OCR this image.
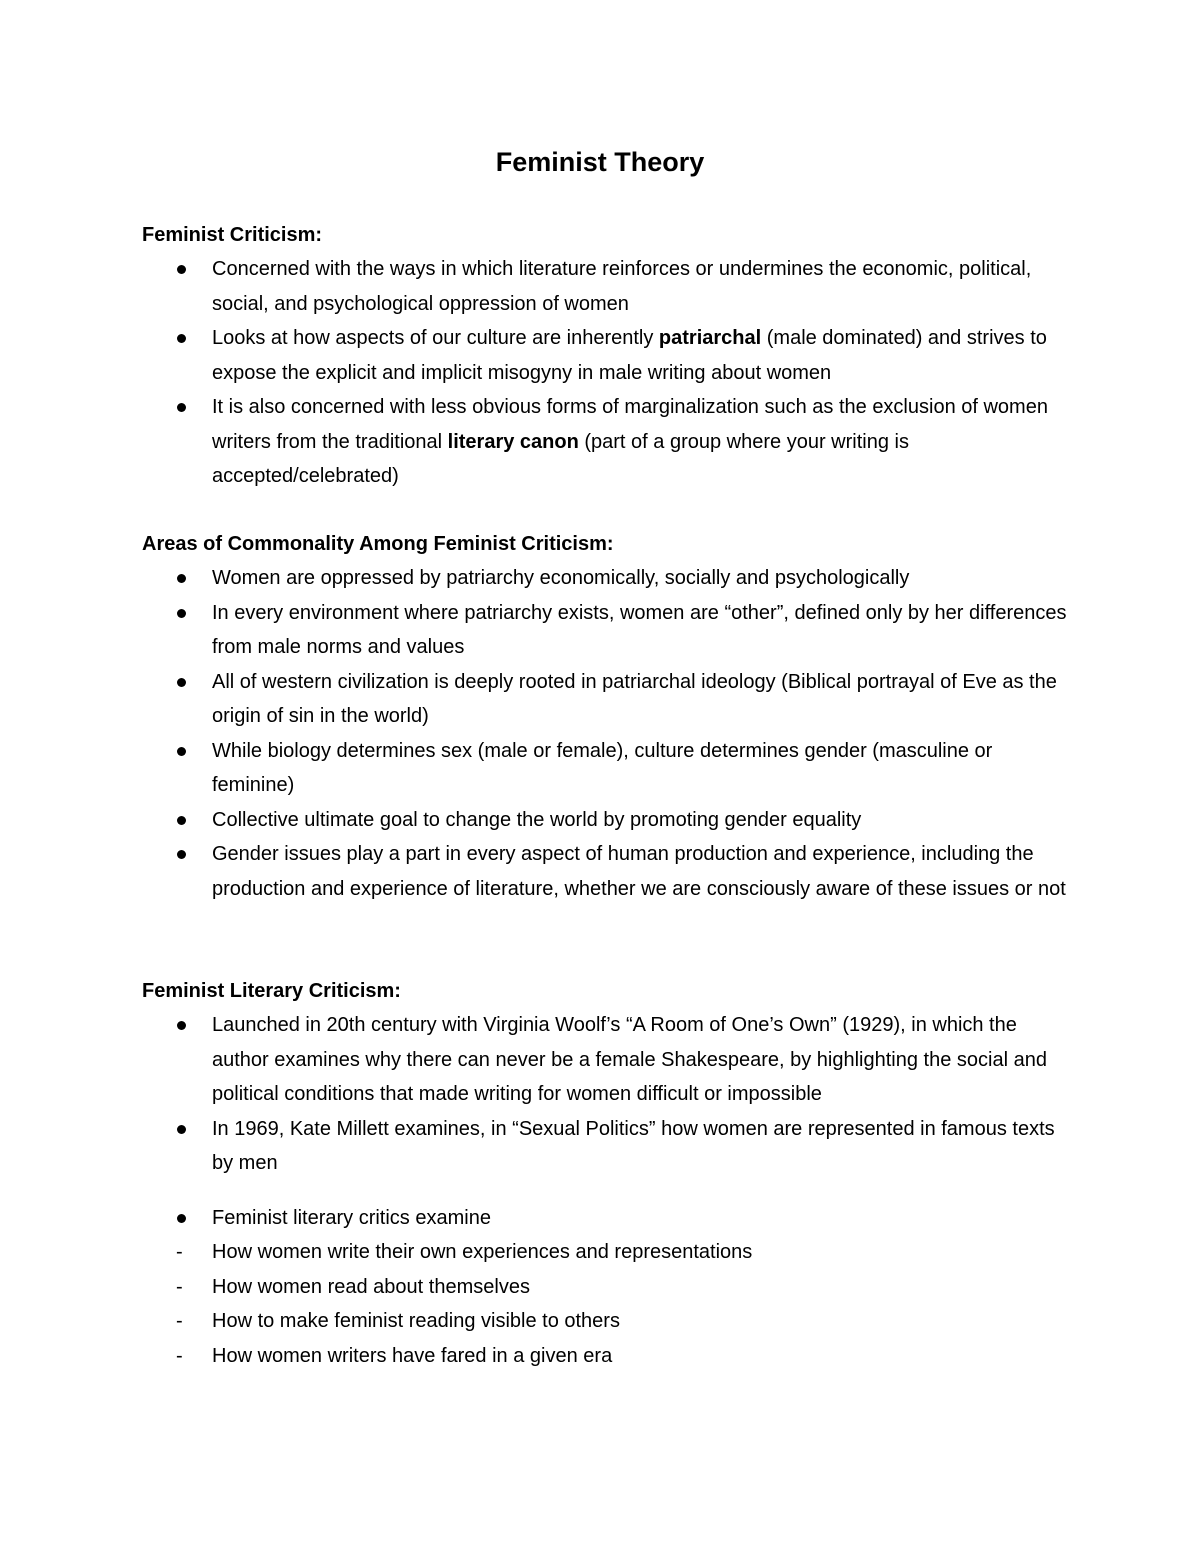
Feminist Theory

Feminist Criticism:

Concerned with the ways in which literature reinforces or undermines the economic, political, social, and psychological oppression of women
Looks at how aspects of our culture are inherently patriarchal (male dominated) and strives to expose the explicit and implicit misogyny in male writing about women
It is also concerned with less obvious forms of marginalization such as the exclusion of women writers from the traditional literary canon (part of a group where your writing is accepted/celebrated)

Areas of Commonality Among Feminist Criticism:

Women are oppressed by patriarchy economically, socially and psychologically
In every environment where patriarchy exists, women are “other”, defined only by her differences from male norms and values
All of western civilization is deeply rooted in patriarchal ideology (Biblical portrayal of Eve as the origin of sin in the world)
While biology determines sex (male or female), culture determines gender (masculine or feminine)
Collective ultimate goal to change the world by promoting gender equality
Gender issues play a part in every aspect of human production and experience, including the production and experience of literature, whether we are consciously aware of these issues or not

Feminist Literary Criticism:

Launched in 20th century with Virginia Woolf’s “A Room of One’s Own” (1929), in which the author examines why there can never be a female Shakespeare, by highlighting the social and political conditions that made writing for women difficult or impossible
In 1969, Kate Millett examines, in “Sexual Politics” how women are represented in famous texts by men
Feminist literary critics examine
- How women write their own experiences and representations
- How women read about themselves
- How to make feminist reading visible to others
- How women writers have fared in a given era
